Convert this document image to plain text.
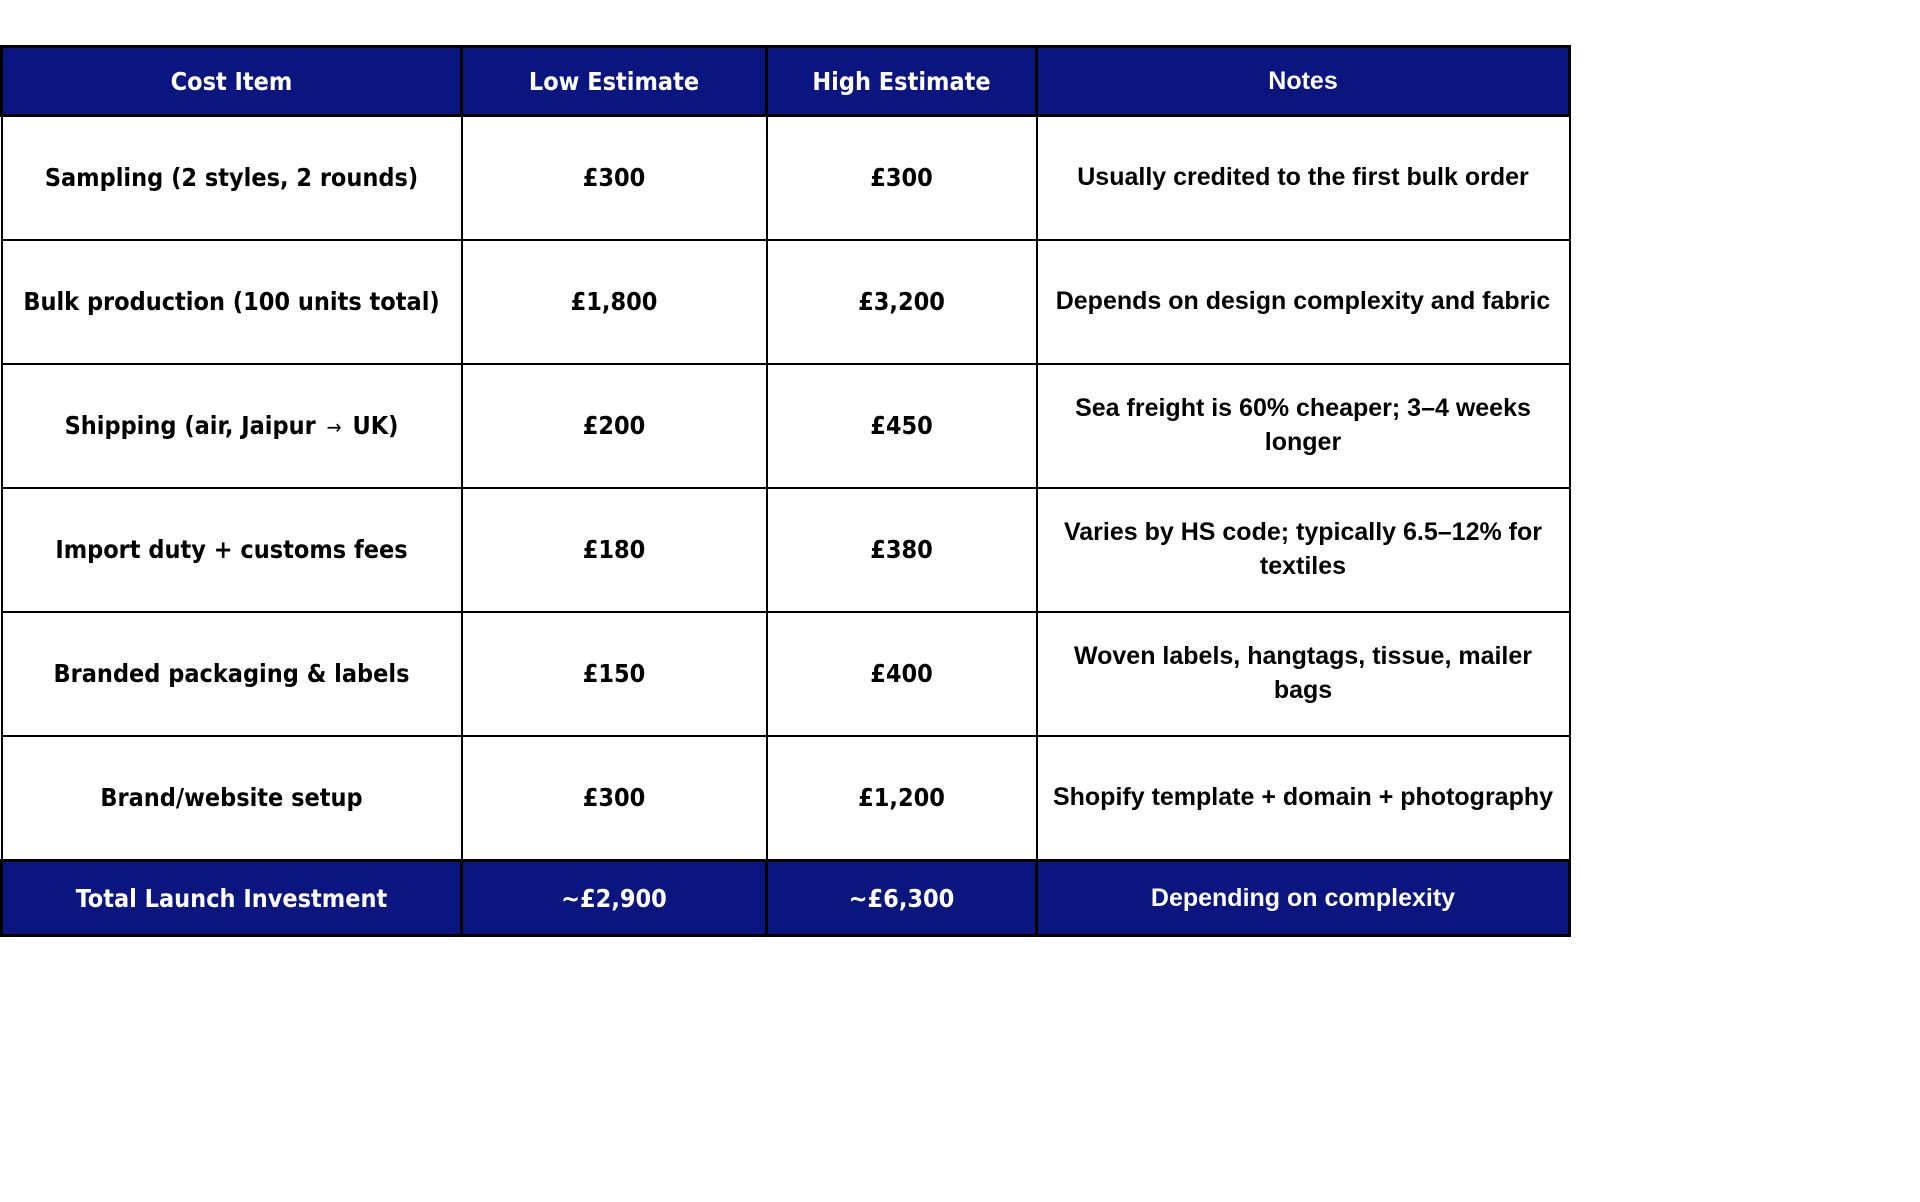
Cost Item	Low Estimate	High Estimate	Notes
Sampling (2 styles, 2 rounds)	£300	£300	Usually credited to the first bulk order
Bulk production (100 units total)	£1,800	£3,200	Depends on design complexity and fabric
Shipping (air, Jaipur → UK)	£200	£450	Sea freight is 60% cheaper; 3–4 weeks longer
Import duty + customs fees	£180	£380	Varies by HS code; typically 6.5–12% for textiles
Branded packaging & labels	£150	£400	Woven labels, hangtags, tissue, mailer bags
Brand/website setup	£300	£1,200	Shopify template + domain + photography
Total Launch Investment	~£2,900	~£6,300	Depending on complexity
